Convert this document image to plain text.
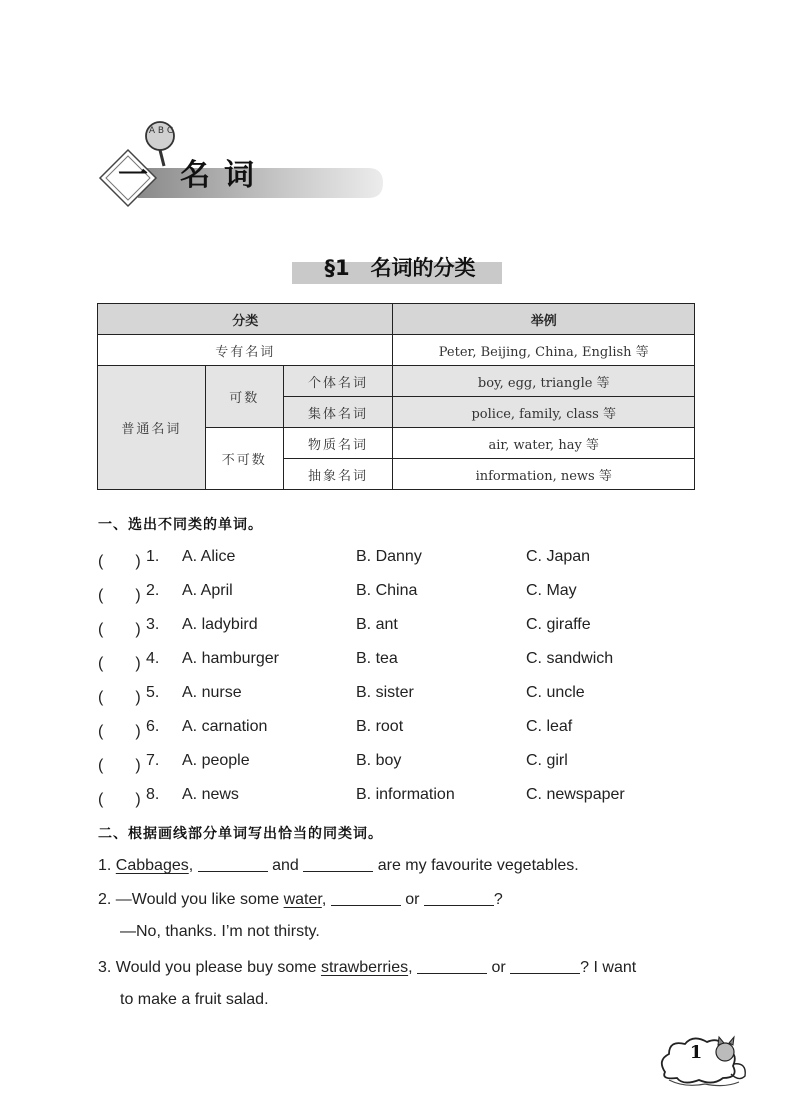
A B C
一 名词
§1　名词的分类
分类			举例
专有名词			Peter, Beijing, China, English 等
普通名词	可数	个体名词	boy, egg, triangle 等
		集体名词	police, family, class 等
	不可数	物质名词	air, water, hay 等
		抽象名词	information, news 等
一、选出不同类的单词。
(　　) 1. A. Alice	B. Danny	C. Japan
(　　) 2. A. April	B. China	C. May
(　　) 3. A. ladybird	B. ant	C. giraffe
(　　) 4. A. hamburger	B. tea	C. sandwich
(　　) 5. A. nurse	B. sister	C. uncle
(　　) 6. A. carnation	B. root	C. leaf
(　　) 7. A. people	B. boy	C. girl
(　　) 8. A. news	B. information	C. newspaper
二、根据画线部分单词写出恰当的同类词。
1. Cabbages,	and	are my favourite vegetables.
2. —Would you like some water,	or	?
—No, thanks. I’m not thirsty.
3. Would you please buy some strawberries,	or	? I want
to make a fruit salad.
1
